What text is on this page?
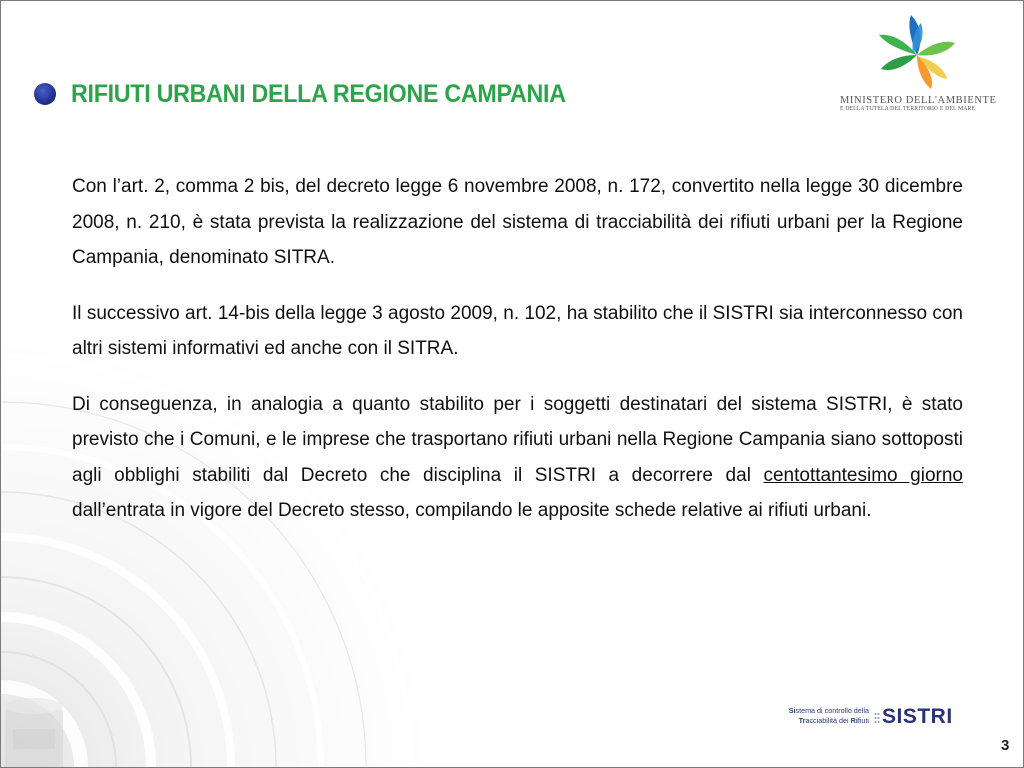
RIFIUTI URBANI DELLA REGIONE CAMPANIA	MINISTERO DELL'AMBIENTE
E DELLA TUTELA DEL TERRITORIO E DEL MARE

Con l’art. 2, comma 2 bis, del decreto legge 6 novembre 2008, n. 172, convertito nella legge 30 dicembre 2008, n. 210, è stata prevista la realizzazione del sistema di tracciabilità dei rifiuti urbani per la Regione Campania, denominato SITRA.

Il successivo art. 14-bis della legge 3 agosto 2009, n. 102, ha stabilito che il SISTRI sia interconnesso con altri sistemi informativi ed anche con il SITRA.

Di conseguenza, in analogia a quanto stabilito per i soggetti destinatari del sistema SISTRI, è stato previsto che i Comuni, e le imprese che trasportano rifiuti urbani nella Regione Campania siano sottoposti agli obblighi stabiliti dal Decreto che disciplina il SISTRI a decorrere dal centottantesimo giorno dall’entrata in vigore del Decreto stesso, compilando le apposite schede relative ai rifiuti urbani.

Sistema di controllo della
Tracciabilità dei Rifiuti SISTRI
3
